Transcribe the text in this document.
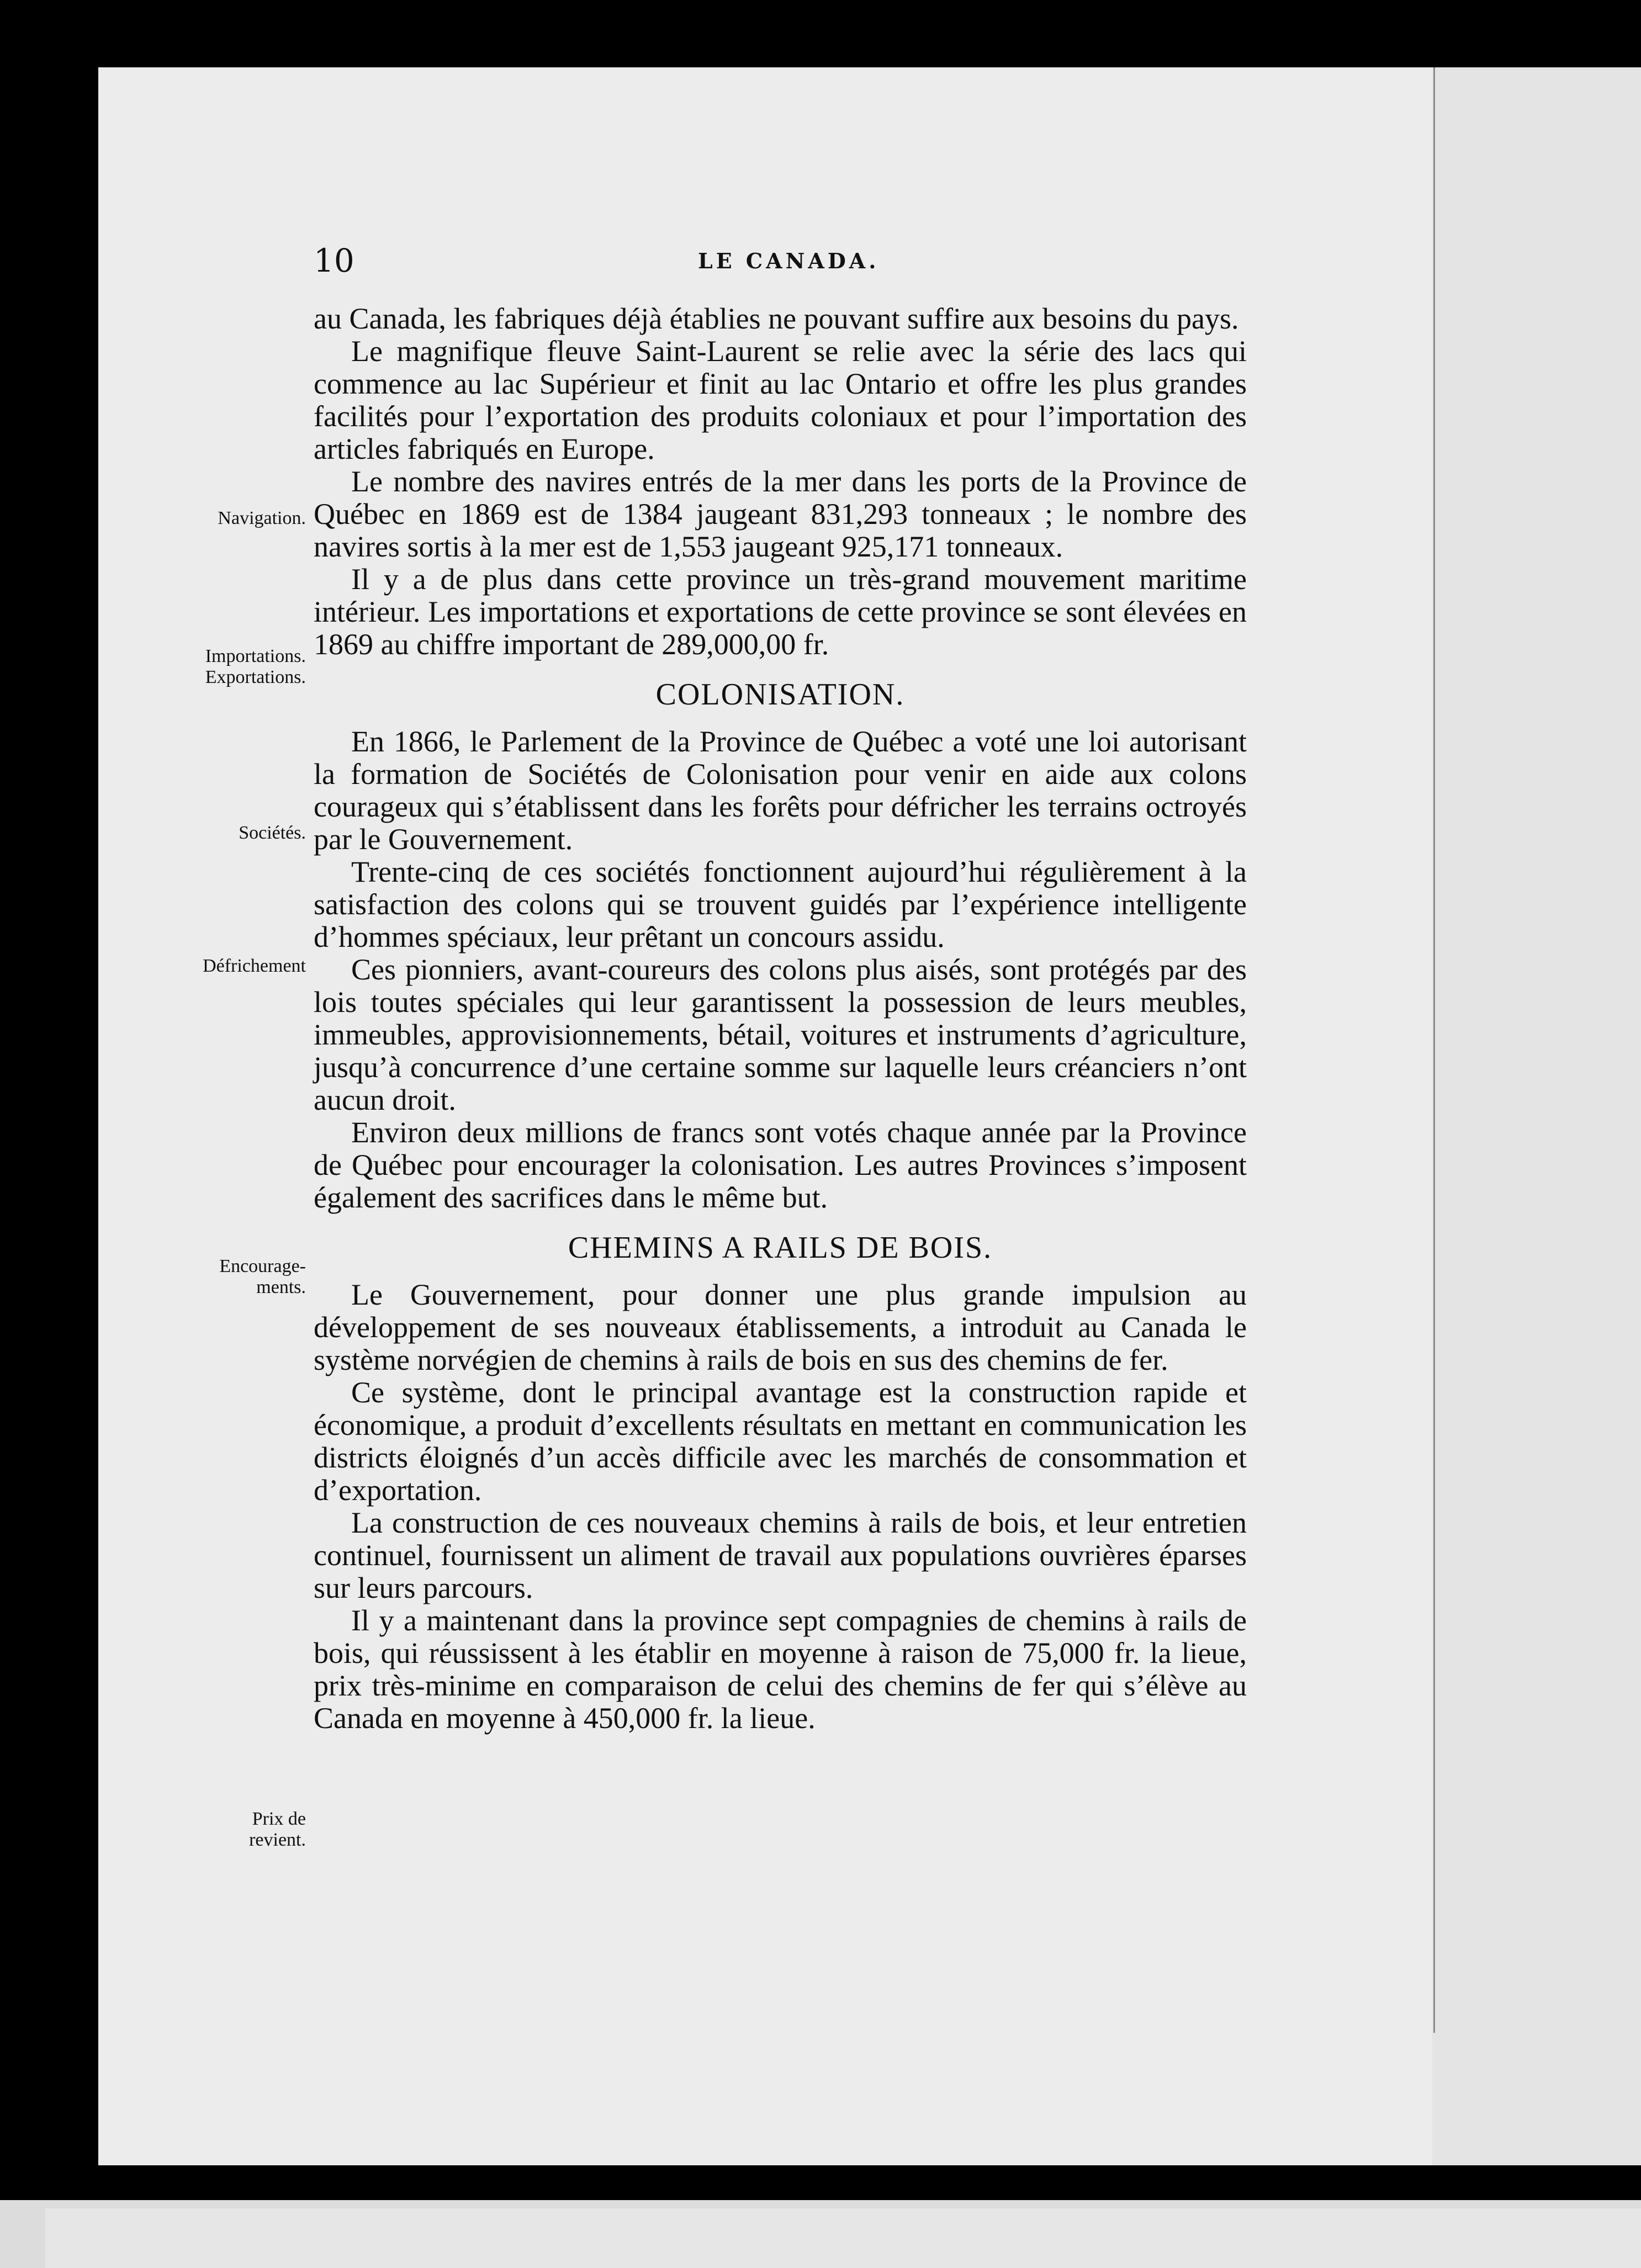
10	LE CANADA.
Navigation.
Importations.
Exportations.
Sociétés.
Défrichement
Encourage-
ments.
Prix de
revient.

au Canada, les fabriques déjà établies ne pouvant suffire aux besoins du pays.

Le magnifique fleuve Saint-Laurent se relie avec la série des lacs qui commence au lac Supérieur et finit au lac Ontario et offre les plus grandes facilités pour l’exportation des produits coloniaux et pour l’importation des articles fabriqués en Europe.

Le nombre des navires entrés de la mer dans les ports de la Province de Québec en 1869 est de 1384 jaugeant 831,293 tonneaux ; le nombre des navires sortis à la mer est de 1,553 jaugeant 925,171 tonneaux.

Il y a de plus dans cette province un très-grand mouvement maritime intérieur. Les importations et exportations de cette province se sont élevées en 1869 au chiffre important de 289,000,00 fr.

COLONISATION.

En 1866, le Parlement de la Province de Québec a voté une loi autorisant la formation de Sociétés de Colonisation pour venir en aide aux colons courageux qui s’établissent dans les forêts pour défricher les terrains octroyés par le Gouvernement.

Trente-cinq de ces sociétés fonctionnent aujourd’hui régulièrement à la satisfaction des colons qui se trouvent guidés par l’expérience intelligente d’hommes spéciaux, leur prêtant un concours assidu.

Ces pionniers, avant-coureurs des colons plus aisés, sont protégés par des lois toutes spéciales qui leur garantissent la possession de leurs meubles, immeubles, approvisionnements, bétail, voitures et instruments d’agriculture, jusqu’à concurrence d’une certaine somme sur laquelle leurs créanciers n’ont aucun droit.

Environ deux millions de francs sont votés chaque année par la Province de Québec pour encourager la colonisation. Les autres Provinces s’imposent également des sacrifices dans le même but.

CHEMINS A RAILS DE BOIS.

Le Gouvernement, pour donner une plus grande impulsion au développement de ses nouveaux établissements, a introduit au Canada le système norvégien de chemins à rails de bois en sus des chemins de fer.

Ce système, dont le principal avantage est la construction rapide et économique, a produit d’excellents résultats en mettant en communication les districts éloignés d’un accès difficile avec les marchés de consommation et d’exportation.

La construction de ces nouveaux chemins à rails de bois, et leur entretien continuel, fournissent un aliment de travail aux populations ouvrières éparses sur leurs parcours.

Il y a maintenant dans la province sept compagnies de chemins à rails de bois, qui réussissent à les établir en moyenne à raison de 75,000 fr. la lieue, prix très-minime en comparaison de celui des chemins de fer qui s’élève au Canada en moyenne à 450,000 fr. la lieue.
